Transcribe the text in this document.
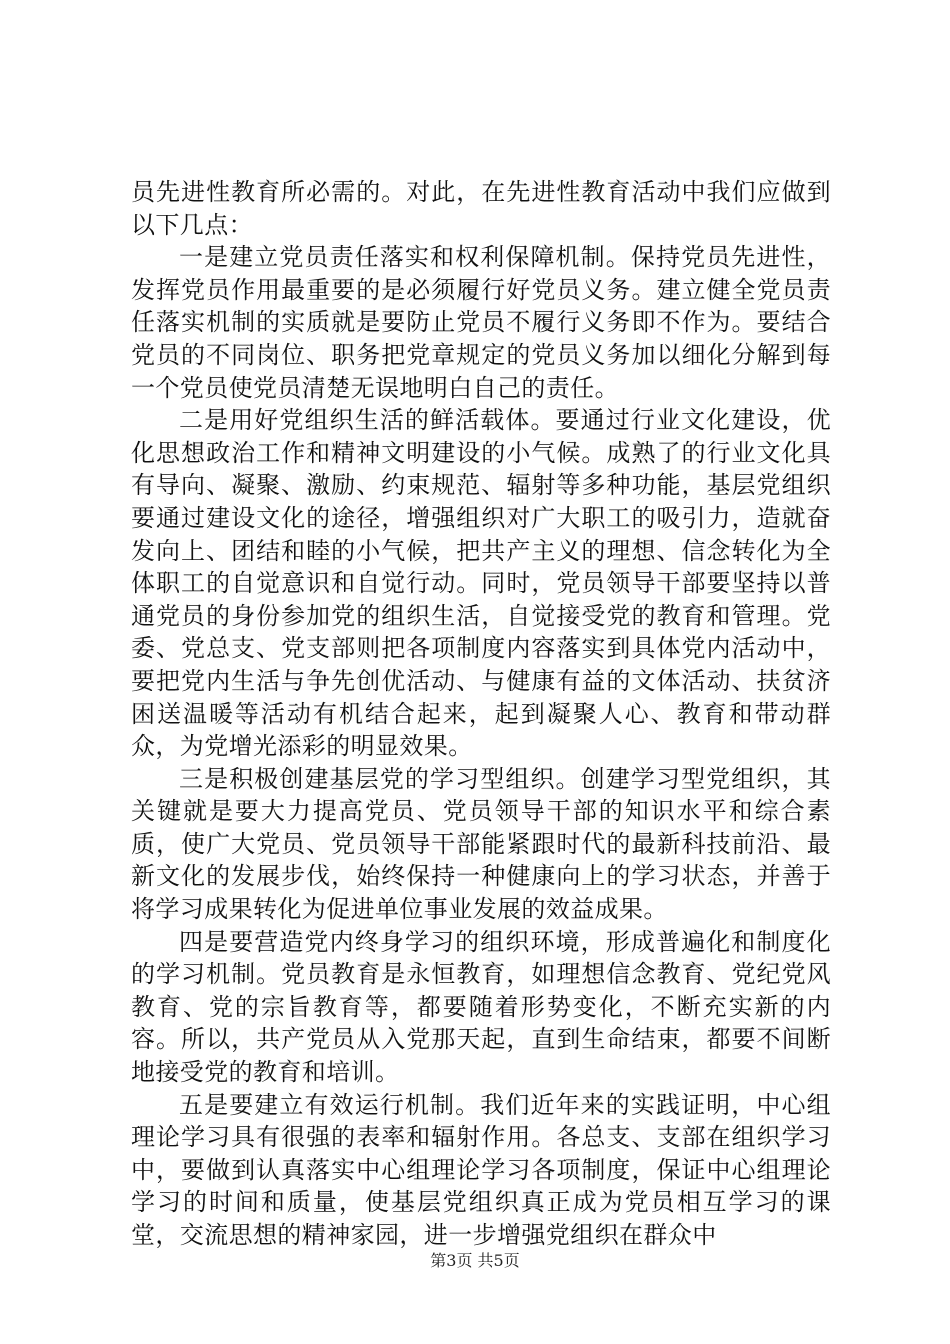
员先进性教育所必需的。对此，在先进性教育活动中我们应做到以下几点：

一是建立党员责任落实和权利保障机制。保持党员先进性，发挥党员作用最重要的是必须履行好党员义务。建立健全党员责任落实机制的实质就是要防止党员不履行义务即不作为。要结合党员的不同岗位、职务把党章规定的党员义务加以细化分解到每一个党员使党员清楚无误地明白自己的责任。

二是用好党组织生活的鲜活载体。要通过行业文化建设，优化思想政治工作和精神文明建设的小气候。成熟了的行业文化具有导向、凝聚、激励、约束规范、辐射等多种功能，基层党组织要通过建设文化的途径，增强组织对广大职工的吸引力，造就奋发向上、团结和睦的小气候，把共产主义的理想、信念转化为全体职工的自觉意识和自觉行动。同时，党员领导干部要坚持以普通党员的身份参加党的组织生活，自觉接受党的教育和管理。党委、党总支、党支部则把各项制度内容落实到具体党内活动中，要把党内生活与争先创优活动、与健康有益的文体活动、扶贫济困送温暖等活动有机结合起来，起到凝聚人心、教育和带动群众，为党增光添彩的明显效果。

三是积极创建基层党的学习型组织。创建学习型党组织，其关键就是要大力提高党员、党员领导干部的知识水平和综合素质，使广大党员、党员领导干部能紧跟时代的最新科技前沿、最新文化的发展步伐，始终保持一种健康向上的学习状态，并善于将学习成果转化为促进单位事业发展的效益成果。

四是要营造党内终身学习的组织环境，形成普遍化和制度化的学习机制。党员教育是永恒教育，如理想信念教育、党纪党风教育、党的宗旨教育等，都要随着形势变化，不断充实新的内容。所以，共产党员从入党那天起，直到生命结束，都要不间断地接受党的教育和培训。

五是要建立有效运行机制。我们近年来的实践证明，中心组理论学习具有很强的表率和辐射作用。各总支、支部在组织学习中，要做到认真落实中心组理论学习各项制度，保证中心组理论学习的时间和质量，使基层党组织真正成为党员相互学习的课堂，交流思想的精神家园，进一步增强党组织在群众中

第3页 共5页
